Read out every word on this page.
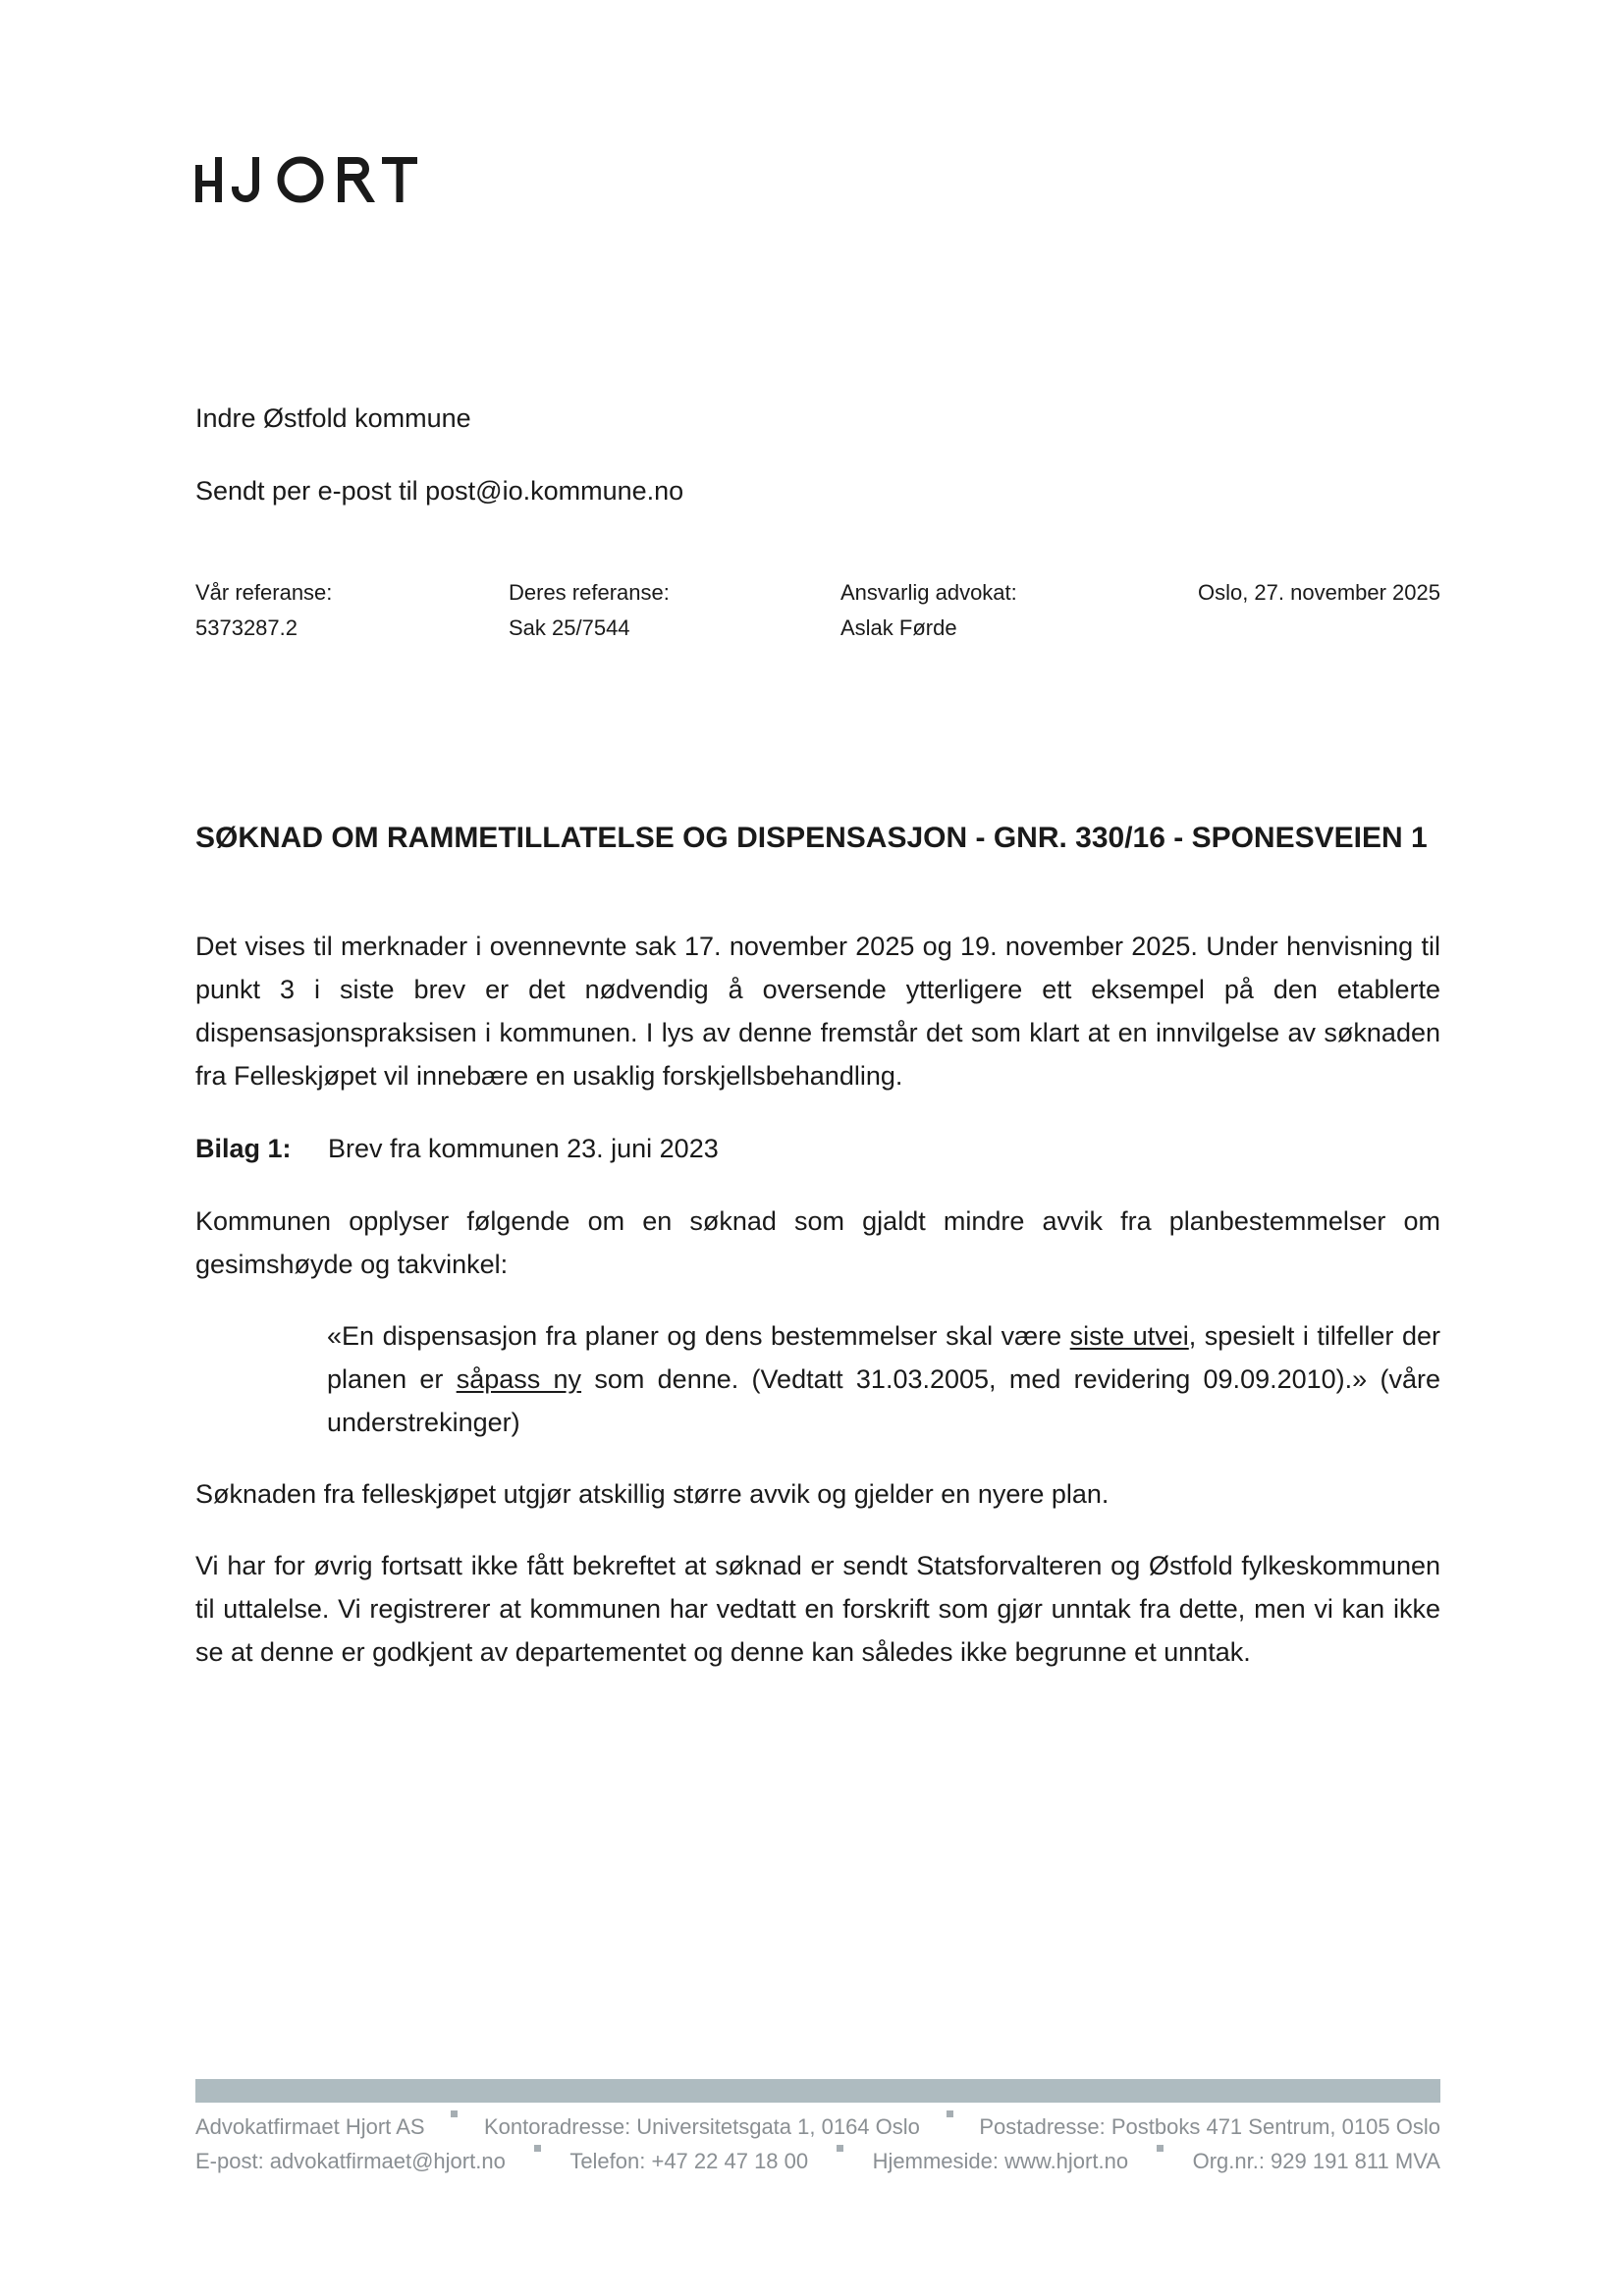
Indre Østfold kommune
Sendt per e-post til post@io.kommune.no
Vår referanse:
5373287.2
Deres referanse:
Sak 25/7544
Ansvarlig advokat:
Aslak Førde
Oslo, 27. november 2025
SØKNAD OM RAMMETILLATELSE OG DISPENSASJON - GNR. 330/16 - SPONESVEIEN 1

Det vises til merknader i ovennevnte sak 17. november 2025 og 19. november 2025. Under henvisning til punkt 3 i siste brev er det nødvendig å oversende ytterligere ett eksempel på den etablerte dispensasjonspraksisen i kommunen. I lys av denne fremstår det som klart at en innvilgelse av søknaden fra Felleskjøpet vil innebære en usaklig forskjellsbehandling.

Bilag 1: Brev fra kommunen 23. juni 2023

Kommunen opplyser følgende om en søknad som gjaldt mindre avvik fra planbestemmelser om gesimshøyde og takvinkel:

«En dispensasjon fra planer og dens bestemmelser skal være siste utvei, spesielt i tilfeller der planen er såpass ny som denne. (Vedtatt 31.03.2005, med revidering 09.09.2010).» (våre understrekinger)

Søknaden fra felleskjøpet utgjør atskillig større avvik og gjelder en nyere plan.

Vi har for øvrig fortsatt ikke fått bekreftet at søknad er sendt Statsforvalteren og Østfold fylkeskommunen til uttalelse. Vi registrerer at kommunen har vedtatt en forskrift som gjør unntak fra dette, men vi kan ikke se at denne er godkjent av departementet og denne kan således ikke begrunne et unntak.

Advokatfirmaet Hjort AS	Kontoradresse: Universitetsgata 1, 0164 Oslo	Postadresse: Postboks 471 Sentrum, 0105 Oslo
E-post: advokatfirmaet@hjort.no	Telefon: +47 22 47 18 00	Hjemmeside: www.hjort.no	Org.nr.: 929 191 811 MVA
